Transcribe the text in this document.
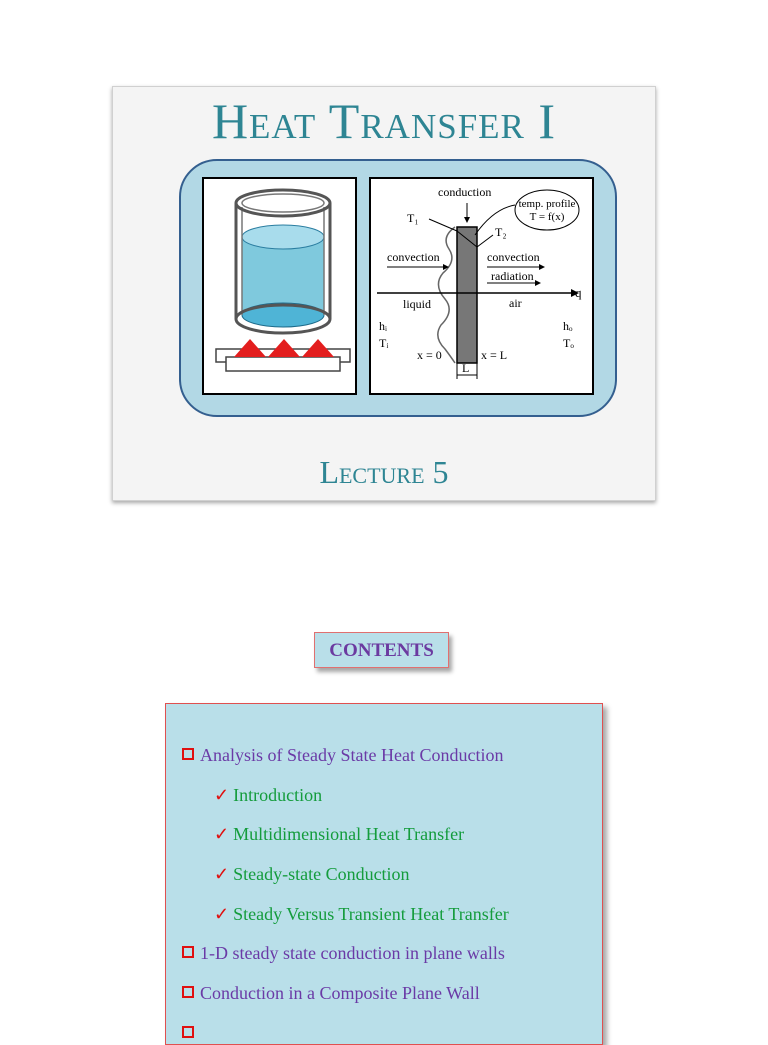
Heat Transfer I
conduction
temp. profile
T = f(x)
T₁
T₂
convection	convection
radiation
q
liquid	air
hᵢ
Tᵢ
hₒ
Tₒ
x = 0	x = L
L
Lecture 5
CONTENTS
Analysis of Steady State Heat Conduction
✓ Introduction
✓ Multidimensional Heat Transfer
✓ Steady-state Conduction
✓ Steady Versus Transient Heat Transfer
1-D steady state conduction in plane walls
Conduction in a Composite Plane Wall
